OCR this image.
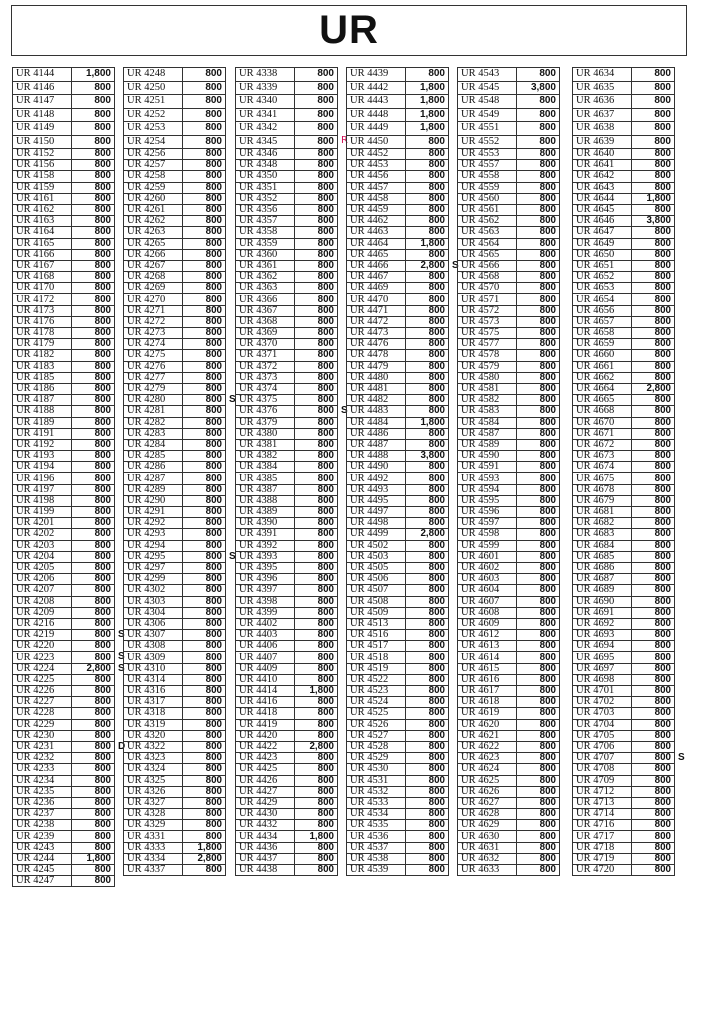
UR
UR 4144	1,800
UR 4146	800
UR 4147	800
UR 4148	800
UR 4149	800
UR 4150	800
UR 4152	800
UR 4156	800
UR 4158	800
UR 4159	800
UR 4161	800
UR 4162	800
UR 4163	800
UR 4164	800
UR 4165	800
UR 4166	800
UR 4167	800
UR 4168	800
UR 4170	800
UR 4172	800
UR 4173	800
UR 4176	800
UR 4178	800
UR 4179	800
UR 4182	800
UR 4183	800
UR 4185	800
UR 4186	800
UR 4187	800
UR 4188	800
UR 4189	800
UR 4191	800
UR 4192	800
UR 4193	800
UR 4194	800
UR 4196	800
UR 4197	800
UR 4198	800
UR 4199	800
UR 4201	800
UR 4202	800
UR 4203	800
UR 4204	800
UR 4205	800
UR 4206	800
UR 4207	800
UR 4208	800
UR 4209	800
UR 4216	800
UR 4219	800
UR 4220	800
UR 4223	800
UR 4224	2,800
UR 4225	800
UR 4226	800
UR 4227	800
UR 4228	800
UR 4229	800
UR 4230	800
UR 4231	800
UR 4232	800
UR 4233	800
UR 4234	800
UR 4235	800
UR 4236	800
UR 4237	800
UR 4238	800
UR 4239	800
UR 4243	800
UR 4244	1,800
UR 4245	800
UR 4247	800
S
S
S
D
UR 4248	800
UR 4250	800
UR 4251	800
UR 4252	800
UR 4253	800
UR 4254	800
UR 4256	800
UR 4257	800
UR 4258	800
UR 4259	800
UR 4260	800
UR 4261	800
UR 4262	800
UR 4263	800
UR 4265	800
UR 4266	800
UR 4267	800
UR 4268	800
UR 4269	800
UR 4270	800
UR 4271	800
UR 4272	800
UR 4273	800
UR 4274	800
UR 4275	800
UR 4276	800
UR 4277	800
UR 4279	800
UR 4280	800
UR 4281	800
UR 4282	800
UR 4283	800
UR 4284	800
UR 4285	800
UR 4286	800
UR 4287	800
UR 4289	800
UR 4290	800
UR 4291	800
UR 4292	800
UR 4293	800
UR 4294	800
UR 4295	800
UR 4297	800
UR 4299	800
UR 4302	800
UR 4303	800
UR 4304	800
UR 4306	800
UR 4307	800
UR 4308	800
UR 4309	800
UR 4310	800
UR 4314	800
UR 4316	800
UR 4317	800
UR 4318	800
UR 4319	800
UR 4320	800
UR 4322	800
UR 4323	800
UR 4324	800
UR 4325	800
UR 4326	800
UR 4327	800
UR 4328	800
UR 4329	800
UR 4331	800
UR 4333	1,800
UR 4334	2,800
UR 4337	800
S
S
UR 4338	800
UR 4339	800
UR 4340	800
UR 4341	800
UR 4342	800
UR 4345	800
UR 4346	800
UR 4348	800
UR 4350	800
UR 4351	800
UR 4352	800
UR 4356	800
UR 4357	800
UR 4358	800
UR 4359	800
UR 4360	800
UR 4361	800
UR 4362	800
UR 4363	800
UR 4366	800
UR 4367	800
UR 4368	800
UR 4369	800
UR 4370	800
UR 4371	800
UR 4372	800
UR 4373	800
UR 4374	800
UR 4375	800
UR 4376	800
UR 4379	800
UR 4380	800
UR 4381	800
UR 4382	800
UR 4384	800
UR 4385	800
UR 4387	800
UR 4388	800
UR 4389	800
UR 4390	800
UR 4391	800
UR 4392	800
UR 4393	800
UR 4395	800
UR 4396	800
UR 4397	800
UR 4398	800
UR 4399	800
UR 4402	800
UR 4403	800
UR 4406	800
UR 4407	800
UR 4409	800
UR 4410	800
UR 4414	1,800
UR 4416	800
UR 4418	800
UR 4419	800
UR 4420	800
UR 4422	2,800
UR 4423	800
UR 4425	800
UR 4426	800
UR 4427	800
UR 4429	800
UR 4430	800
UR 4432	800
UR 4434	1,800
UR 4436	800
UR 4437	800
UR 4438	800
R
S
UR 4439	800
UR 4442	1,800
UR 4443	1,800
UR 4448	1,800
UR 4449	1,800
UR 4450	800
UR 4452	800
UR 4453	800
UR 4456	800
UR 4457	800
UR 4458	800
UR 4459	800
UR 4462	800
UR 4463	800
UR 4464	1,800
UR 4465	800
UR 4466	2,800
UR 4467	800
UR 4469	800
UR 4470	800
UR 4471	800
UR 4472	800
UR 4473	800
UR 4476	800
UR 4478	800
UR 4479	800
UR 4480	800
UR 4481	800
UR 4482	800
UR 4483	800
UR 4484	1,800
UR 4486	800
UR 4487	800
UR 4488	3,800
UR 4490	800
UR 4492	800
UR 4493	800
UR 4495	800
UR 4497	800
UR 4498	800
UR 4499	2,800
UR 4502	800
UR 4503	800
UR 4505	800
UR 4506	800
UR 4507	800
UR 4508	800
UR 4509	800
UR 4513	800
UR 4516	800
UR 4517	800
UR 4518	800
UR 4519	800
UR 4522	800
UR 4523	800
UR 4524	800
UR 4525	800
UR 4526	800
UR 4527	800
UR 4528	800
UR 4529	800
UR 4530	800
UR 4531	800
UR 4532	800
UR 4533	800
UR 4534	800
UR 4535	800
UR 4536	800
UR 4537	800
UR 4538	800
UR 4539	800
S
UR 4543	800
UR 4545	3,800
UR 4548	800
UR 4549	800
UR 4551	800
UR 4552	800
UR 4553	800
UR 4557	800
UR 4558	800
UR 4559	800
UR 4560	800
UR 4561	800
UR 4562	800
UR 4563	800
UR 4564	800
UR 4565	800
UR 4566	800
UR 4568	800
UR 4570	800
UR 4571	800
UR 4572	800
UR 4573	800
UR 4575	800
UR 4577	800
UR 4578	800
UR 4579	800
UR 4580	800
UR 4581	800
UR 4582	800
UR 4583	800
UR 4584	800
UR 4587	800
UR 4589	800
UR 4590	800
UR 4591	800
UR 4593	800
UR 4594	800
UR 4595	800
UR 4596	800
UR 4597	800
UR 4598	800
UR 4599	800
UR 4601	800
UR 4602	800
UR 4603	800
UR 4604	800
UR 4607	800
UR 4608	800
UR 4609	800
UR 4612	800
UR 4613	800
UR 4614	800
UR 4615	800
UR 4616	800
UR 4617	800
UR 4618	800
UR 4619	800
UR 4620	800
UR 4621	800
UR 4622	800
UR 4623	800
UR 4624	800
UR 4625	800
UR 4626	800
UR 4627	800
UR 4628	800
UR 4629	800
UR 4630	800
UR 4631	800
UR 4632	800
UR 4633	800
UR 4634	800
UR 4635	800
UR 4636	800
UR 4637	800
UR 4638	800
UR 4639	800
UR 4640	800
UR 4641	800
UR 4642	800
UR 4643	800
UR 4644	1,800
UR 4645	800
UR 4646	3,800
UR 4647	800
UR 4649	800
UR 4650	800
UR 4651	800
UR 4652	800
UR 4653	800
UR 4654	800
UR 4656	800
UR 4657	800
UR 4658	800
UR 4659	800
UR 4660	800
UR 4661	800
UR 4662	800
UR 4664	2,800
UR 4665	800
UR 4668	800
UR 4670	800
UR 4671	800
UR 4672	800
UR 4673	800
UR 4674	800
UR 4675	800
UR 4678	800
UR 4679	800
UR 4681	800
UR 4682	800
UR 4683	800
UR 4684	800
UR 4685	800
UR 4686	800
UR 4687	800
UR 4689	800
UR 4690	800
UR 4691	800
UR 4692	800
UR 4693	800
UR 4694	800
UR 4695	800
UR 4697	800
UR 4698	800
UR 4701	800
UR 4702	800
UR 4703	800
UR 4704	800
UR 4705	800
UR 4706	800
UR 4707	800
UR 4708	800
UR 4709	800
UR 4712	800
UR 4713	800
UR 4714	800
UR 4716	800
UR 4717	800
UR 4718	800
UR 4719	800
UR 4720	800
S
